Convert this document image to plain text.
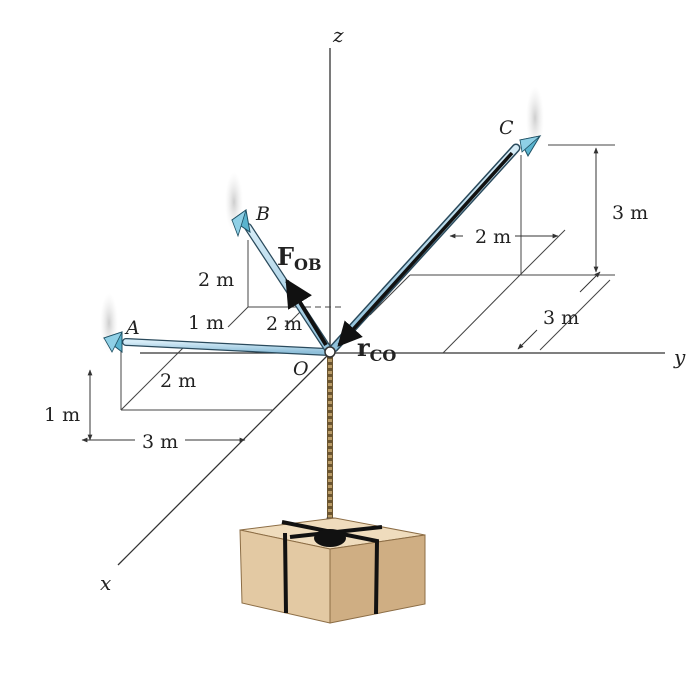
z
y
x
O
A
B
C
FOB
rCO
1 m
3 m
2 m
2 m
1 m 2 m
2 m
3 m
3 m
